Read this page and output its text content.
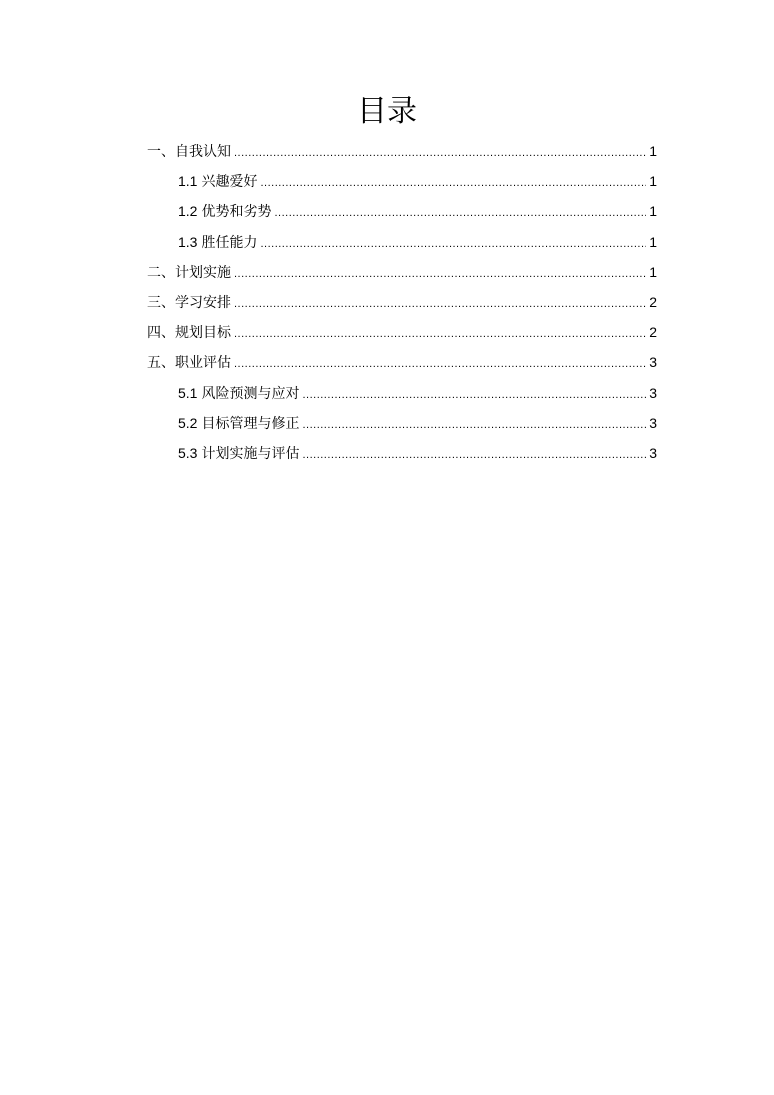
目录
一、自我认知 .....	1
1.1 兴趣爱好 .....	1
1.2 优势和劣势 .....	1
1.3 胜任能力 .....	1
二、计划实施 .....	1
三、学习安排 .....	2
四、规划目标 .....	2
五、职业评估 .....	3
5.1 风险预测与应对 .....	3
5.2 目标管理与修正 .....	3
5.3 计划实施与评估 .....	3
